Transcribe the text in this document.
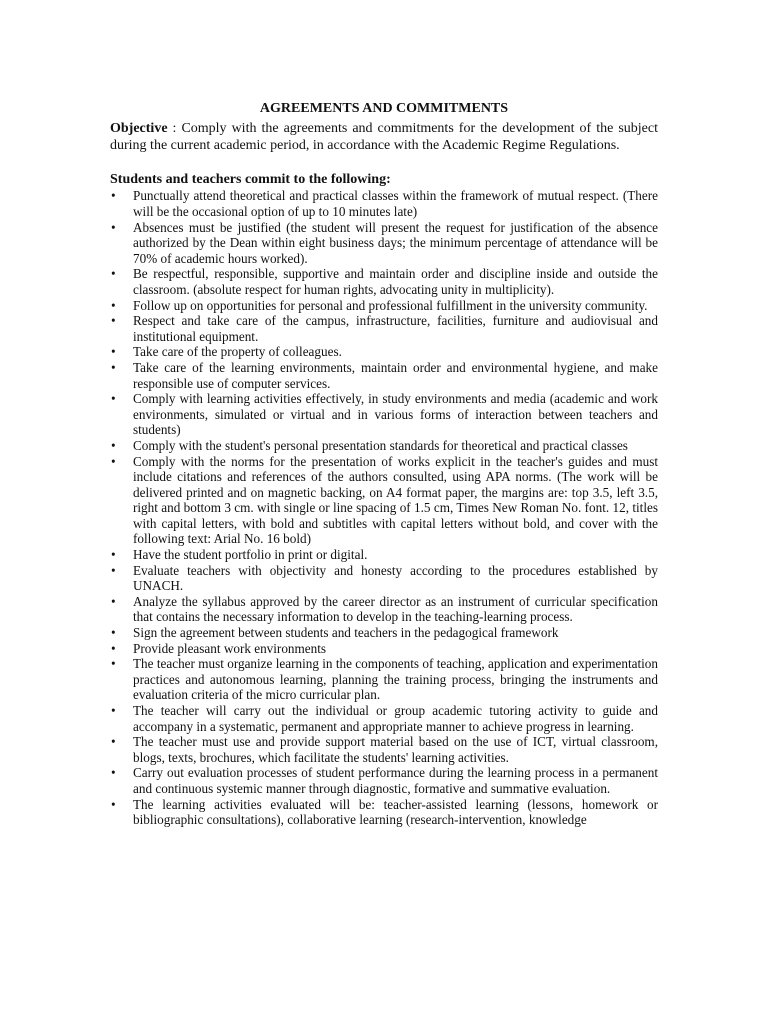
AGREEMENTS AND COMMITMENTS

Objective : Comply with the agreements and commitments for the development of the subject during the current academic period, in accordance with the Academic Regime Regulations.

Students and teachers commit to the following:

• Punctually attend theoretical and practical classes within the framework of mutual respect. (There will be the occasional option of up to 10 minutes late)
• Absences must be justified (the student will present the request for justification of the absence authorized by the Dean within eight business days; the minimum percentage of attendance will be 70% of academic hours worked).
• Be respectful, responsible, supportive and maintain order and discipline inside and outside the classroom. (absolute respect for human rights, advocating unity in multiplicity).
• Follow up on opportunities for personal and professional fulfillment in the university community.
• Respect and take care of the campus, infrastructure, facilities, furniture and audiovisual and institutional equipment.
• Take care of the property of colleagues.
• Take care of the learning environments, maintain order and environmental hygiene, and make responsible use of computer services.
• Comply with learning activities effectively, in study environments and media (academic and work environments, simulated or virtual and in various forms of interaction between teachers and students)
• Comply with the student's personal presentation standards for theoretical and practical classes
• Comply with the norms for the presentation of works explicit in the teacher's guides and must include citations and references of the authors consulted, using APA norms. (The work will be delivered printed and on magnetic backing, on A4 format paper, the margins are: top 3.5, left 3.5, right and bottom 3 cm. with single or line spacing of 1.5 cm, Times New Roman No. font. 12, titles with capital letters, with bold and subtitles with capital letters without bold, and cover with the following text: Arial No. 16 bold)
• Have the student portfolio in print or digital.
• Evaluate teachers with objectivity and honesty according to the procedures established by UNACH.
• Analyze the syllabus approved by the career director as an instrument of curricular specification that contains the necessary information to develop in the teaching-learning process.
• Sign the agreement between students and teachers in the pedagogical framework
• Provide pleasant work environments
• The teacher must organize learning in the components of teaching, application and experimentation practices and autonomous learning, planning the training process, bringing the instruments and evaluation criteria of the micro curricular plan.
• The teacher will carry out the individual or group academic tutoring activity to guide and accompany in a systematic, permanent and appropriate manner to achieve progress in learning.
• The teacher must use and provide support material based on the use of ICT, virtual classroom, blogs, texts, brochures, which facilitate the students' learning activities.
• Carry out evaluation processes of student performance during the learning process in a permanent and continuous systemic manner through diagnostic, formative and summative evaluation.
• The learning activities evaluated will be: teacher-assisted learning (lessons, homework or bibliographic consultations), collaborative learning (research-intervention, knowledge
